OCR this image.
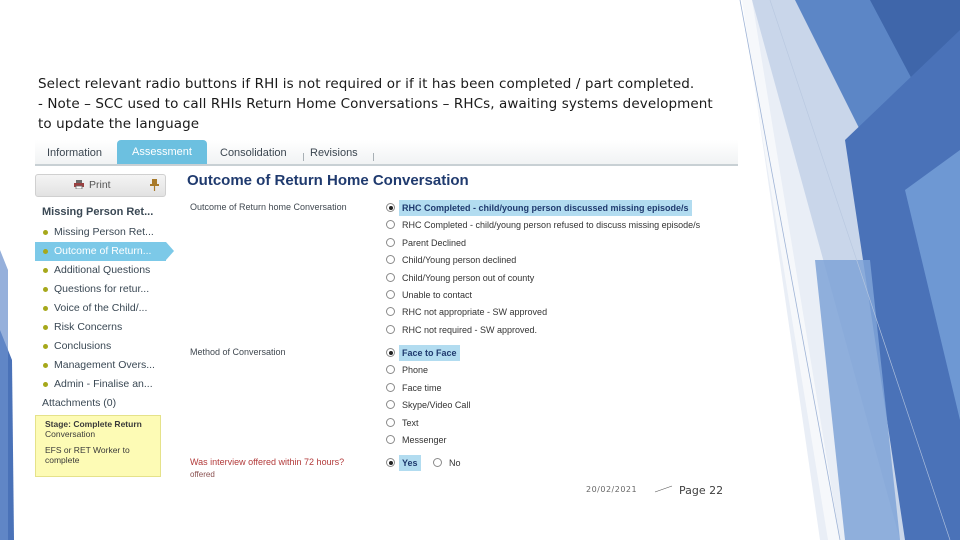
Select relevant radio buttons if RHI is not required or if it has been completed / part completed.
- Note – SCC used to call RHIs Return Home Conversations – RHCs, awaiting systems development
to update the language
Information	Assessment	Consolidation	Revisions
Print
Missing Person Ret...
Missing Person Ret...
Outcome of Return...
Additional Questions
Questions for retur...
Voice of the Child/...
Risk Concerns
Conclusions
Management Overs...
Admin - Finalise an...
Attachments (0)
Stage: Complete Return
Conversation
EFS or RET Worker to
complete
Outcome of Return Home Conversation
Outcome of Return home Conversation	RHC Completed - child/young person discussed missing episode/s
RHC Completed - child/young person refused to discuss missing episode/s
Parent Declined
Child/Young person declined
Child/Young person out of county
Unable to contact
RHC not appropriate - SW approved
RHC not required - SW approved.
Method of Conversation	Face to Face
Phone
Face time
Skype/Video Call
Text
Messenger
Was interview offered within 72 hours?
offered
Yes	No
20/02/2021	Page 22
